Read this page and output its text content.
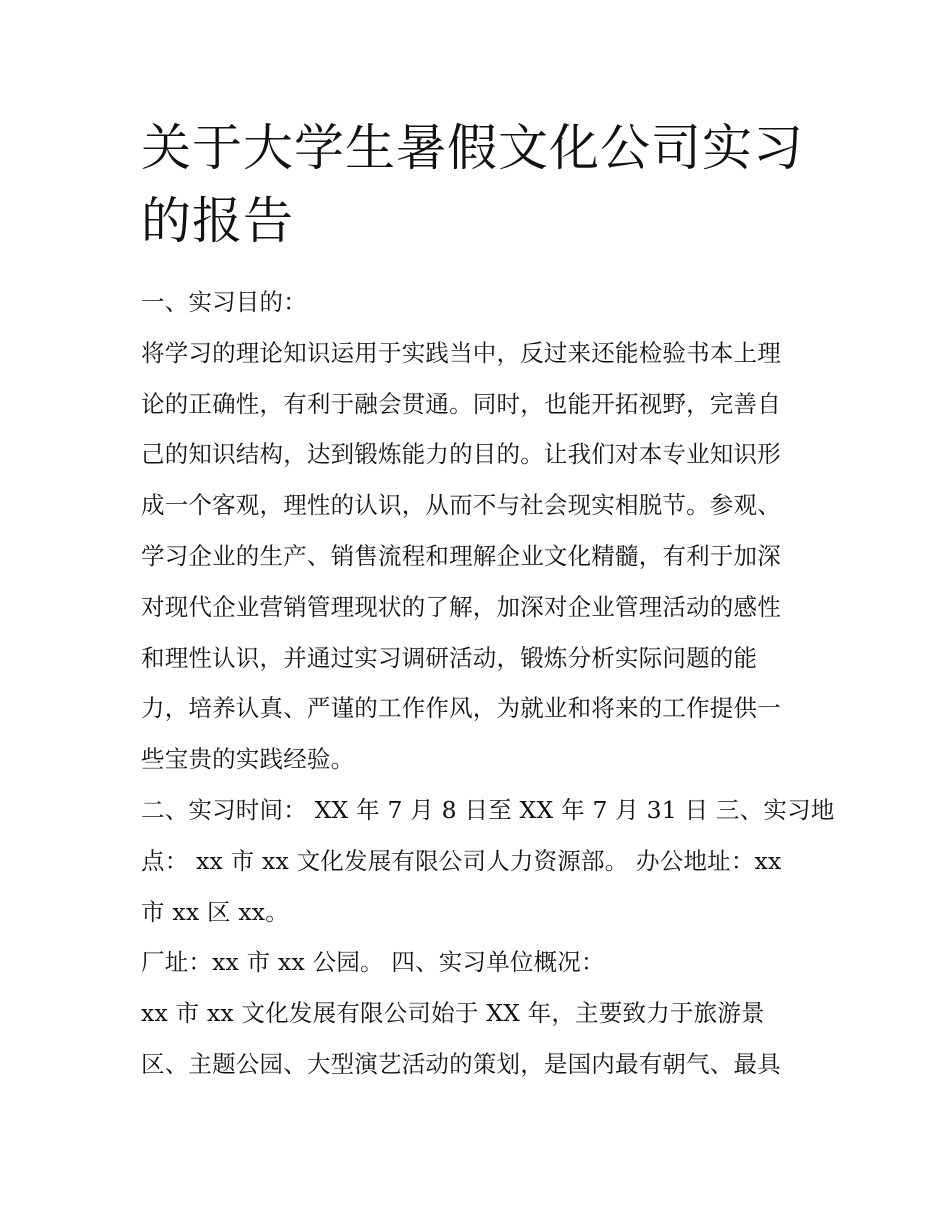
关于大学生暑假文化公司实习
的报告
一、实习目的：
将学习的理论知识运用于实践当中，反过来还能检验书本上理
论的正确性，有利于融会贯通。同时，也能开拓视野，完善自
己的知识结构，达到锻炼能力的目的。让我们对本专业知识形
成一个客观，理性的认识，从而不与社会现实相脱节。参观、
学习企业的生产、销售流程和理解企业文化精髓，有利于加深
对现代企业营销管理现状的了解，加深对企业管理活动的感性
和理性认识，并通过实习调研活动，锻炼分析实际问题的能
力，培养认真、严谨的工作作风，为就业和将来的工作提供一
些宝贵的实践经验。
二、实习时间： XX 年 7 月 8 日至 XX 年 7 月 31 日 三、实习地
点： xx 市 xx 文化发展有限公司人力资源部。 办公地址：xx
市 xx 区 xx。
厂址：xx 市 xx 公园。 四、实习单位概况：
xx 市 xx 文化发展有限公司始于 XX 年，主要致力于旅游景
区、主题公园、大型演艺活动的策划，是国内最有朝气、最具
